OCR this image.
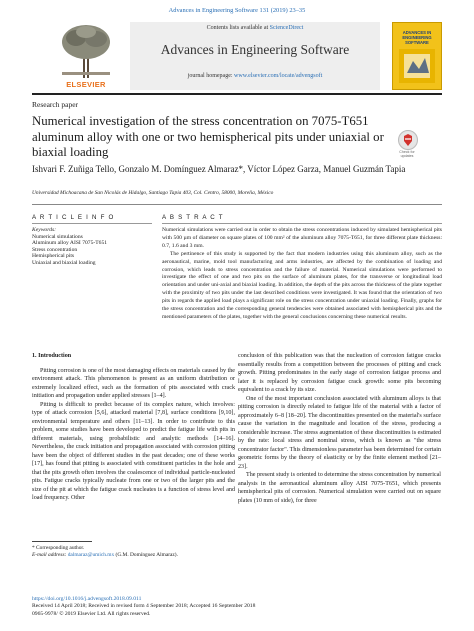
Advances in Engineering Software 131 (2019) 23–35
ELSEVIER
Contents lists available at ScienceDirect
Advances in Engineering Software
journal homepage: www.elsevier.com/locate/advengsoft
ADVANCES IN ENGINEERING SOFTWARE
Research paper
Numerical investigation of the stress concentration on 7075-T651 aluminum alloy with one or two hemispherical pits under uniaxial or biaxial loading	Check for updates
Ishvari F. Zuñiga Tello, Gonzalo M. Domínguez Almaraz*, Víctor López Garza, Manuel Guzmán Tapia
Universidad Michoacana de San Nicolás de Hidalgo, Santiago Tapia 403, Col. Centro, 58000, Morelia, México
A R T I C L E I N F O	A B S T R A C T
Keywords:
Numerical simulations
Aluminum alloy AISI 7075-T651
Stress concentration
Hemispherical pits
Uniaxial and biaxial loading

Numerical simulations were carried out in order to obtain the stress concentrations induced by simulated hemispherical pits with 500 µm of diameter on square plates of 100 mm² of the aluminum alloy 7075-T651, for three different plate thickness: 0.7, 1.6 and 3 mm.

The pertinence of this study is supported by the fact that modern industries using this aluminum alloy, such as the aeronautical, marine, mold tool manufacturing and arms industries, are affected by the combination of loading and corrosion, which leads to stress concentration and the failure of material. Numerical simulations were performed to investigate the effect of one and two pits on the surface of aluminum plates, for the transverse or longitudinal load orientation and under uni-axial and biaxial loading. In addition, the depth of the pits across the thickness of the plate together with the proximity of two pits under the last described conditions were investigated. It was found that the orientation of two pits in regards the applied load plays a significant role on the stress concentration under uniaxial loading. Finally, graphs for the stress concentration and the corresponding general tendencies were obtained associated with hemispherical pits and the mentioned parameters of the plates, together with the general conclusions concerning these numerical results.

1. Introduction

Pitting corrosion is one of the most damaging effects on materials caused by the environment attack. This phenomenon is present as an uniform distribution or extremely localized effect, such as the formation of pits associated with crack initiation and propagation under applied stresses [1–4].

Pitting is difficult to predict because of its complex nature, which involves: type of attack corrosion [5,6], attacked material [7,8], surface conditions [9,10], environmental temperature and others [11–13]. In order to contribute to this problem, some studies have been developed to predict the fatigue life with pits in different materials, using probabilistic and analytic methods [14–16]. Nevertheless, the crack initiation and propagation associated with corrosion pitting have been the object of different studies in the past decades; one of these works [17], has found that pitting is associated with constituent particles in the hole and that the pits growth often involves the coalescence of individual particle-nucleated pits. Fatigue cracks typically nucleate from one or two of the larger pits and the size of the pit at which the fatigue crack nucleates is a function of stress level and load frequency. Other

conclusion of this publication was that the nucleation of corrosion fatigue cracks essentially results from a competition between the processes of pitting and crack growth. Pitting predominates in the early stage of corrosion fatigue process and later it is replaced by corrosion fatigue crack growth: some pits becoming equivalent to a crack by its size.

One of the most important conclusion associated with aluminum alloys is that pitting corrosion is directly related to fatigue life of the material with a factor of approximately 6–8 [18–20]. The discontinuities presented on the material's surface cause the variation in the magnitude and location of the stress, producing a considerable increase. The stress augmentation of these discontinuities is estimated by the rate: local stress and nominal stress, which is known as "the stress concentrator factor". This dimensionless parameter has been determined for certain geometric forms by the theory of elasticity or by the finite element method [21–23].

The present study is oriented to determine the stress concentration by numerical analysis in the aeronautical aluminum alloy AISI 7075-T651, which presents hemispherical pits of corrosion. Numerical simulation were carried out on square plates (10 mm of side), for three

* Corresponding author.
E-mail address: dalmaraz@umich.mx (G.M. Domínguez Almaraz).
https://doi.org/10.1016/j.advengsoft.2018.09.011
Received 14 April 2018; Received in revised form 4 September 2018; Accepted 16 September 2018
0965-9978/ © 2019 Elsevier Ltd. All rights reserved.
